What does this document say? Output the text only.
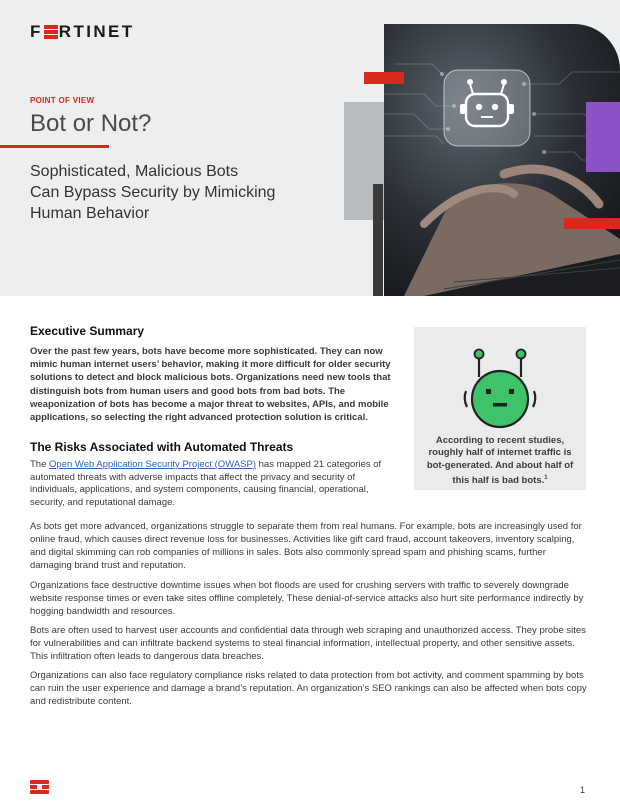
F RTINET
POINT OF VIEW
Bot or Not?
Sophisticated, Malicious Bots
Can Bypass Security by Mimicking
Human Behavior
Executive Summary
Over the past few years, bots have become more sophisticated. They can now mimic human internet users’ behavior, making it more difficult for older security solutions to detect and block malicious bots. Organizations need new tools that distinguish bots from human users and good bots from bad bots. The weaponization of bots has become a major threat to websites, APIs, and mobile applications, so selecting the right advanced protection solution is critical.
The Risks Associated with Automated Threats
The Open Web Application Security Project (OWASP) has mapped 21 categories of automated threats with adverse impacts that affect the privacy and security of individuals, applications, and system components, causing financial, operational, security, and reputational damage.
According to recent studies, roughly half of internet traffic is bot-generated. And about half of this half is bad bots.$^1$
As bots get more advanced, organizations struggle to separate them from real humans. For example, bots are increasingly used for online fraud, which causes direct revenue loss for businesses. Activities like gift card fraud, account takeovers, inventory scalping, and digital skimming can rob companies of millions in sales. Bots also commonly spread spam and phishing scams, further damaging brand trust and reputation.
Organizations face destructive downtime issues when bot floods are used for crushing servers with traffic to severely downgrade website response times or even take sites offline completely. These denial-of-service attacks also hurt site performance indirectly by hogging bandwidth and resources.
Bots are often used to harvest user accounts and confidential data through web scraping and unauthorized access. They probe sites for vulnerabilities and can infiltrate backend systems to steal financial information, intellectual property, and other sensitive assets. This infiltration often leads to dangerous data breaches.
Organizations can also face regulatory compliance risks related to data protection from bot activity, and comment spamming by bots can ruin the user experience and damage a brand’s reputation. An organization’s SEO rankings can also be affected when bots copy and redistribute content.
1
